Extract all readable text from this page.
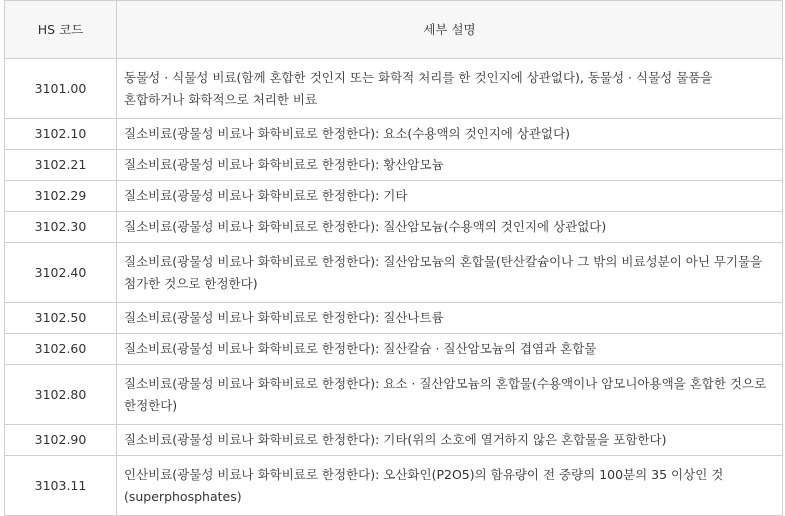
HS 코드	세부 설명
3101.00	동물성 · 식물성 비료(함께 혼합한 것인지 또는 화학적 처리를 한 것인지에 상관없다), 동물성 · 식물성 물품을 혼합하거나 화학적으로 처리한 비료
3102.10	질소비료(광물성 비료나 화학비료로 한정한다): 요소(수용액의 것인지에 상관없다)
3102.21	질소비료(광물성 비료나 화학비료로 한정한다): 황산암모늄
3102.29	질소비료(광물성 비료나 화학비료로 한정한다): 기타
3102.30	질소비료(광물성 비료나 화학비료로 한정한다): 질산암모늄(수용액의 것인지에 상관없다)
3102.40	질소비료(광물성 비료나 화학비료로 한정한다): 질산암모늄의 혼합물(탄산칼슘이나 그 밖의 비료성분이 아닌 무기물을 첨가한 것으로 한정한다)
3102.50	질소비료(광물성 비료나 화학비료로 한정한다): 질산나트륨
3102.60	질소비료(광물성 비료나 화학비료로 한정한다): 질산칼슘 · 질산암모늄의 겹염과 혼합물
3102.80	질소비료(광물성 비료나 화학비료로 한정한다): 요소 · 질산암모늄의 혼합물(수용액이나 암모니아용액을 혼합한 것으로 한정한다)
3102.90	질소비료(광물성 비료나 화학비료로 한정한다): 기타(위의 소호에 열거하지 않은 혼합물을 포함한다)
3103.11	인산비료(광물성 비료나 화학비료로 한정한다): 오산화인(P2O5)의 함유량이 전 중량의 100분의 35 이상인 것(superphosphates)
